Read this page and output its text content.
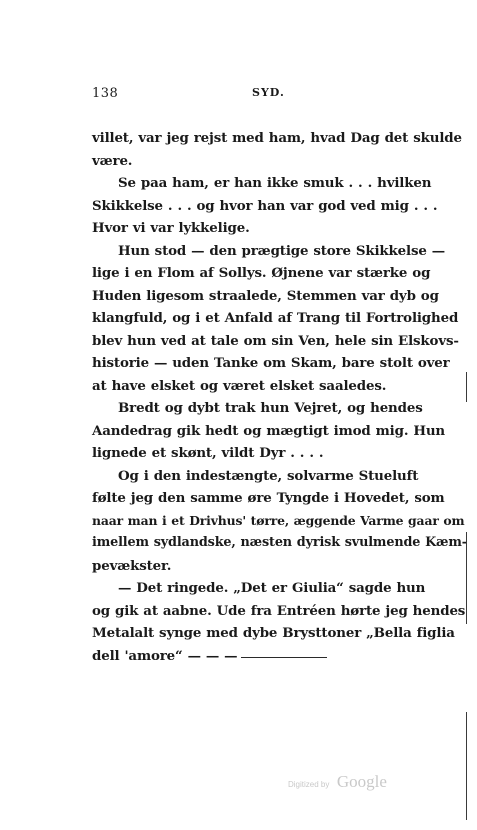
138	SYD.
villet, var jeg rejst med ham, hvad Dag det skulde
være.
Se paa ham, er han ikke smuk . . . hvilken
Skikkelse . . . og hvor han var god ved mig . . .
Hvor vi var lykkelige.
Hun stod — den prægtige store Skikkelse —
lige i en Flom af Sollys. Øjnene var stærke og
Huden ligesom straalede, Stemmen var dyb og
klangfuld, og i et Anfald af Trang til Fortrolighed
blev hun ved at tale om sin Ven, hele sin Elskovs-
historie — uden Tanke om Skam, bare stolt over
at have elsket og været elsket saaledes.
Bredt og dybt trak hun Vejret, og hendes
Aandedrag gik hedt og mægtigt imod mig. Hun
lignede et skønt, vildt Dyr . . . .
Og i den indestængte, solvarme Stueluft
følte jeg den samme øre Tyngde i Hovedet, som
naar man i et Drivhus' tørre, æggende Varme gaar om
imellem sydlandske, næsten dyrisk svulmende Kæm-
pevækster.
— Det ringede. „Det er Giulia“ sagde hun
og gik at aabne. Ude fra Entréen hørte jeg hendes
Metalalt synge med dybe Brysttoner „Bella figlia
dell 'amore“ — — —
Digitized by Google
